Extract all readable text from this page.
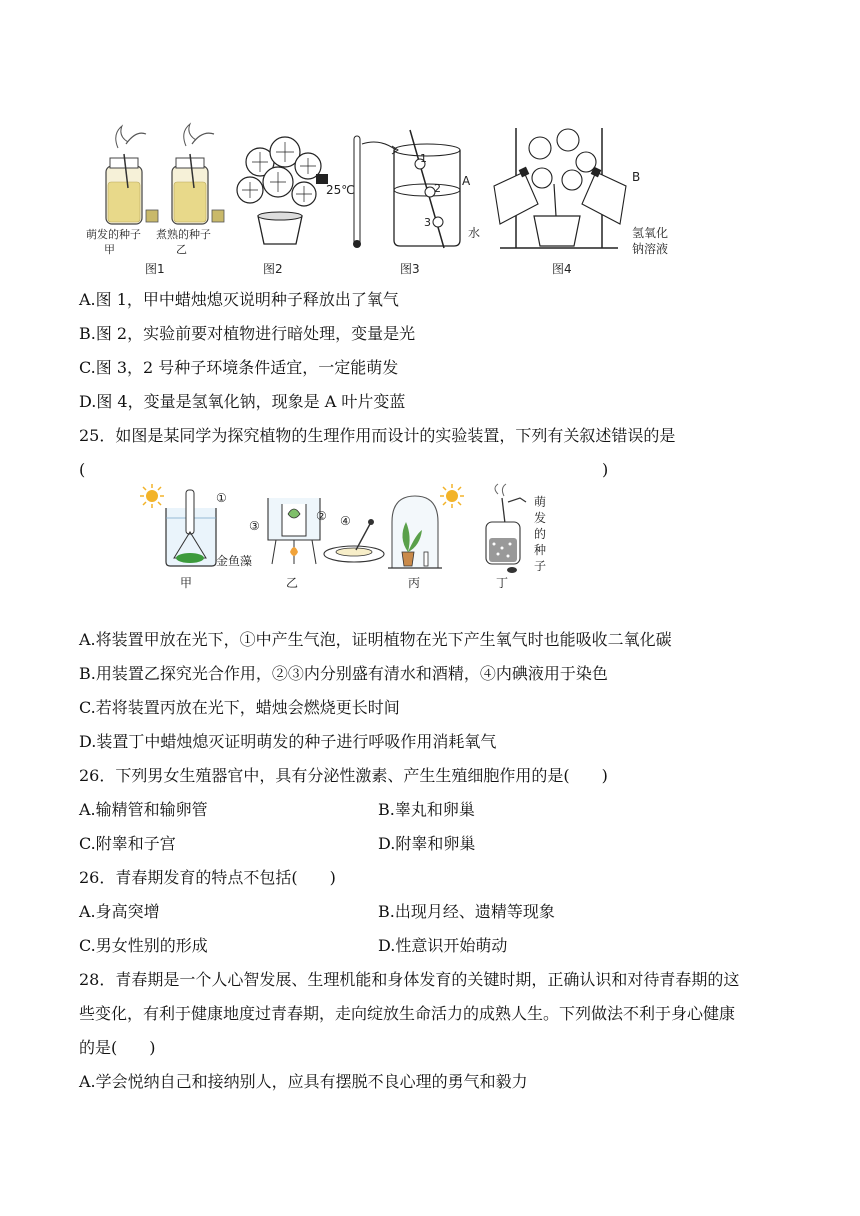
萌发的种子
甲
煮熟的种子
乙
图1	图2
25℃
1
2
3
图3
A	B
水	氢氧化
钠溶液
图4
A.图 1，甲中蜡烛熄灭说明种子释放出了氧气
B.图 2，实验前要对植物进行暗处理，变量是光
C.图 3，2 号种子环境条件适宜，一定能萌发
D.图 4，变量是氢氧化钠，现象是 A 叶片变蓝
25．如图是某同学为探究植物的生理作用而设计的实验装置，下列有关叙述错误的是
(	)
①
金鱼藻
甲
②
③
乙
④
丙
萌 发 的 种 子
丁
A.将装置甲放在光下，①中产生气泡，证明植物在光下产生氧气时也能吸收二氧化碳
B.用装置乙探究光合作用，②③内分别盛有清水和酒精，④内碘液用于染色
C.若将装置丙放在光下，蜡烛会燃烧更长时间
D.装置丁中蜡烛熄灭证明萌发的种子进行呼吸作用消耗氧气
26．下列男女生殖器官中，具有分泌性激素、产生生殖细胞作用的是(　　)
A.输精管和输卵管	B.睾丸和卵巢
C.附睾和子宫	D.附睾和卵巢
26．青春期发育的特点不包括(　　)
A.身高突增	B.出现月经、遗精等现象
C.男女性别的形成	D.性意识开始萌动
28．青春期是一个人心智发展、生理机能和身体发育的关键时期，正确认识和对待青春期的这
些变化，有利于健康地度过青春期，走向绽放生命活力的成熟人生。下列做法不利于身心健康
的是(　　)
A.学会悦纳自己和接纳别人，应具有摆脱不良心理的勇气和毅力
